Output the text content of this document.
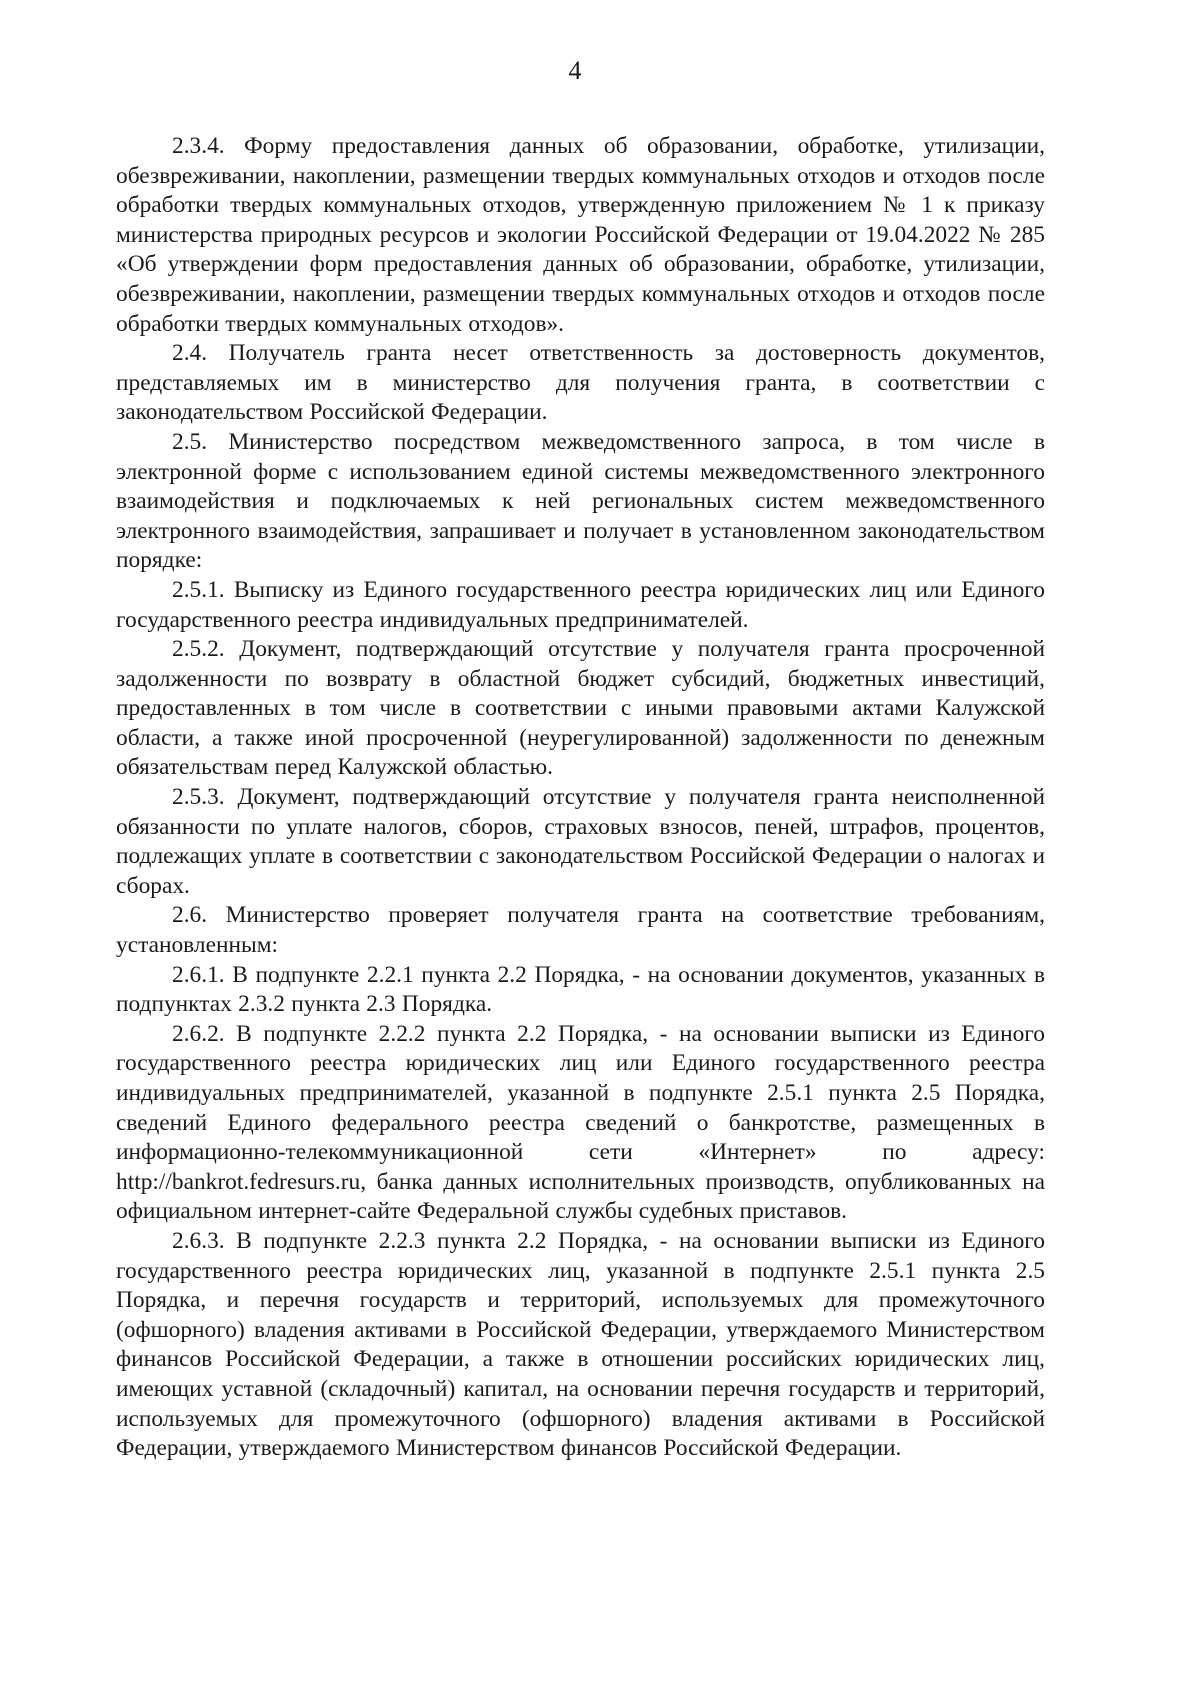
4

2.3.4. Форму предоставления данных об образовании, обработке, утилизации, обезвреживании, накоплении, размещении твердых коммунальных отходов и отходов после обработки твердых коммунальных отходов, утвержденную приложением № 1 к приказу министерства природных ресурсов и экологии Российской Федерации от 19.04.2022 № 285 «Об утверждении форм предоставления данных об образовании, обработке, утилизации, обезвреживании, накоплении, размещении твердых коммунальных отходов и отходов после обработки твердых коммунальных отходов».

2.4. Получатель гранта несет ответственность за достоверность документов, представляемых им в министерство для получения гранта, в соответствии с законодательством Российской Федерации.

2.5. Министерство посредством межведомственного запроса, в том числе в электронной форме с использованием единой системы межведомственного электронного взаимодействия и подключаемых к ней региональных систем межведомственного электронного взаимодействия, запрашивает и получает в установленном законодательством порядке:

2.5.1. Выписку из Единого государственного реестра юридических лиц или Единого государственного реестра индивидуальных предпринимателей.

2.5.2. Документ, подтверждающий отсутствие у получателя гранта просроченной задолженности по возврату в областной бюджет субсидий, бюджетных инвестиций, предоставленных в том числе в соответствии с иными правовыми актами Калужской области, а также иной просроченной (неурегулированной) задолженности по денежным обязательствам перед Калужской областью.

2.5.3. Документ, подтверждающий отсутствие у получателя гранта неисполненной обязанности по уплате налогов, сборов, страховых взносов, пеней, штрафов, процентов, подлежащих уплате в соответствии с законодательством Российской Федерации о налогах и сборах.

2.6. Министерство проверяет получателя гранта на соответствие требованиям, установленным:

2.6.1. В подпункте 2.2.1 пункта 2.2 Порядка, - на основании документов, указанных в подпунктах 2.3.2 пункта 2.3 Порядка.

2.6.2. В подпункте 2.2.2 пункта 2.2 Порядка, - на основании выписки из Единого государственного реестра юридических лиц или Единого государственного реестра индивидуальных предпринимателей, указанной в подпункте 2.5.1 пункта 2.5 Порядка, сведений Единого федерального реестра сведений о банкротстве, размещенных в информационно-телекоммуникационной сети «Интернет» по адресу: http://bankrot.fedresurs.ru, банка данных исполнительных производств, опубликованных на официальном интернет-сайте Федеральной службы судебных приставов.

2.6.3. В подпункте 2.2.3 пункта 2.2 Порядка, - на основании выписки из Единого государственного реестра юридических лиц, указанной в подпункте 2.5.1 пункта 2.5 Порядка, и перечня государств и территорий, используемых для промежуточного (офшорного) владения активами в Российской Федерации, утверждаемого Министерством финансов Российской Федерации, а также в отношении российских юридических лиц, имеющих уставной (складочный) капитал, на основании перечня государств и территорий, используемых для промежуточного (офшорного) владения активами в Российской Федерации, утверждаемого Министерством финансов Российской Федерации.
